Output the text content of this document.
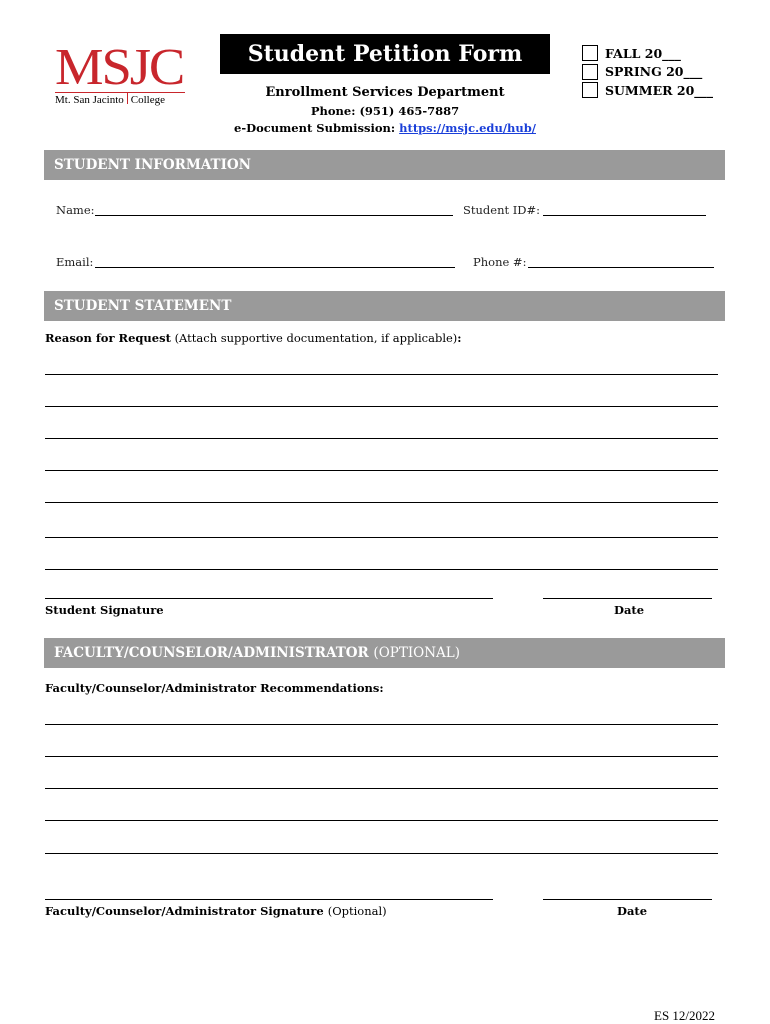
MSJC
Mt. San Jacinto College
Student Petition Form
Enrollment Services Department
Phone: (951) 465-7887
e-Document Submission: https://msjc.edu/hub/
FALL 20___
SPRING 20___
SUMMER 20___
STUDENT INFORMATION
Name:	Student ID#:
Email:	Phone #:
STUDENT STATEMENT
Reason for Request (Attach supportive documentation, if applicable):
Student Signature	Date
FACULTY/COUNSELOR/ADMINISTRATOR (OPTIONAL)
Faculty/Counselor/Administrator Recommendations:
Faculty/Counselor/Administrator Signature (Optional)	Date
ES 12/2022
